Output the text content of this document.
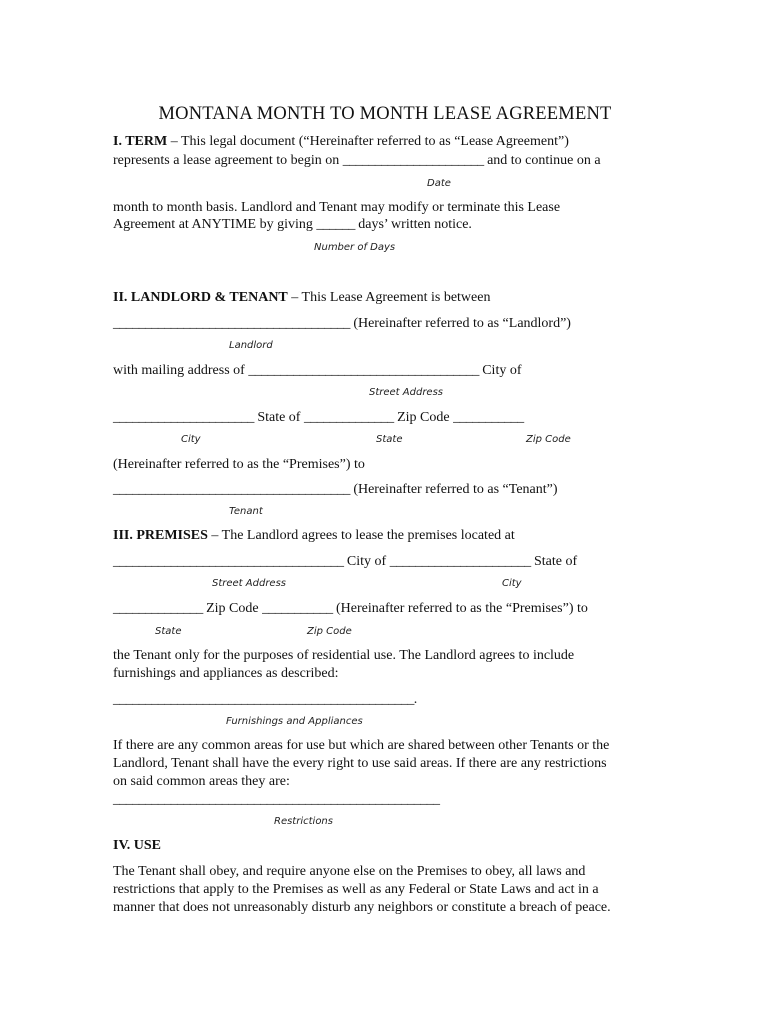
MONTANA MONTH TO MONTH LEASE AGREEMENT
I. TERM – This legal document (“Hereinafter referred to as “Lease Agreement”)
represents a lease agreement to begin on ______________________ and to continue on a
Date
month to month basis. Landlord and Tenant may modify or terminate this Lease
Agreement at ANYTIME by giving ______ days’ written notice.
Number of Days
II. LANDLORD & TENANT – This Lease Agreement is between
_____________________________________ (Hereinafter referred to as “Landlord”)
Landlord
with mailing address of ____________________________________ City of
Street Address
______________________ State of ______________ Zip Code ___________
City	State	Zip Code
(Hereinafter referred to as the “Premises”) to
_____________________________________ (Hereinafter referred to as “Tenant”)
Tenant
III. PREMISES – The Landlord agrees to lease the premises located at
____________________________________ City of ______________________ State of
Street Address	City
______________ Zip Code ___________ (Hereinafter referred to as the “Premises”) to
State	Zip Code
the Tenant only for the purposes of residential use. The Landlord agrees to include
furnishings and appliances as described:
_______________________________________________.
Furnishings and Appliances
If there are any common areas for use but which are shared between other Tenants or the
Landlord, Tenant shall have the every right to use said areas. If there are any restrictions
on said common areas they are:
___________________________________________________
Restrictions
IV. USE
The Tenant shall obey, and require anyone else on the Premises to obey, all laws and
restrictions that apply to the Premises as well as any Federal or State Laws and act in a
manner that does not unreasonably disturb any neighbors or constitute a breach of peace.
